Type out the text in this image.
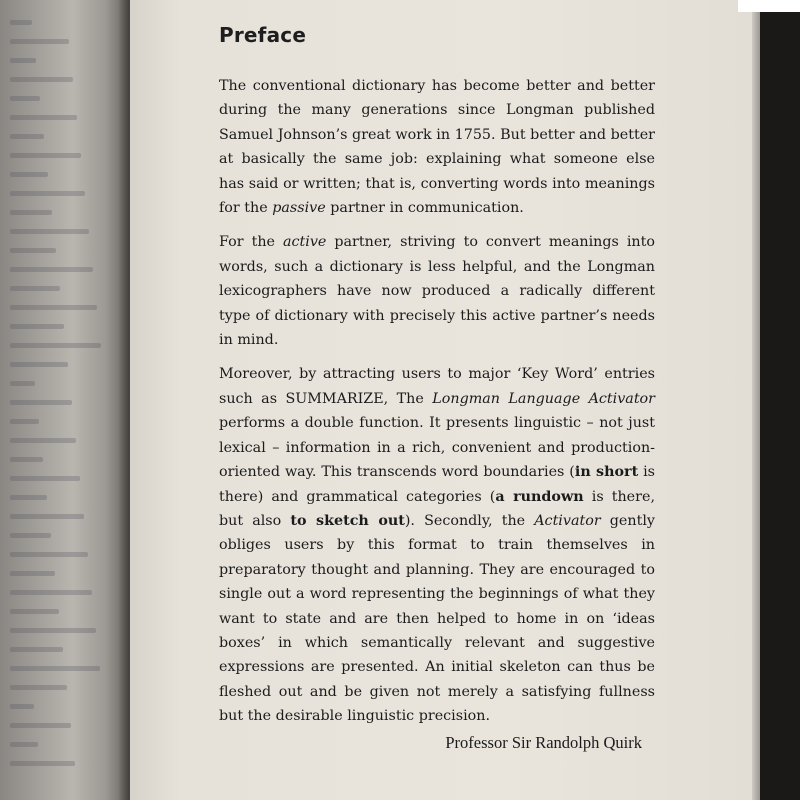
Preface

The conventional dictionary has become better and better during the many generations since Longman published Samuel Johnson’s great work in 1755. But better and better at basically the same job: explaining what someone else has said or written; that is, converting words into meanings for the passive partner in communication.

For the active partner, striving to convert meanings into words, such a dictionary is less helpful, and the Longman lexicographers have now produced a radically different type of dictionary with precisely this active partner’s needs in mind.

Moreover, by attracting users to major ‘Key Word’ entries such as SUMMARIZE, The Longman Language Activator performs a double function. It presents linguistic – not just lexical – information in a rich, convenient and production-oriented way. This transcends word boundaries (in short is there) and grammatical categories (a rundown is there, but also to sketch out). Secondly, the Activator gently obliges users by this format to train themselves in preparatory thought and planning. They are encouraged to single out a word representing the beginnings of what they want to state and are then helped to home in on ‘ideas boxes’ in which semantically relevant and suggestive expressions are presented. An initial skeleton can thus be fleshed out and be given not merely a satisfying fullness but the desirable linguistic precision.

Professor Sir Randolph Quirk
